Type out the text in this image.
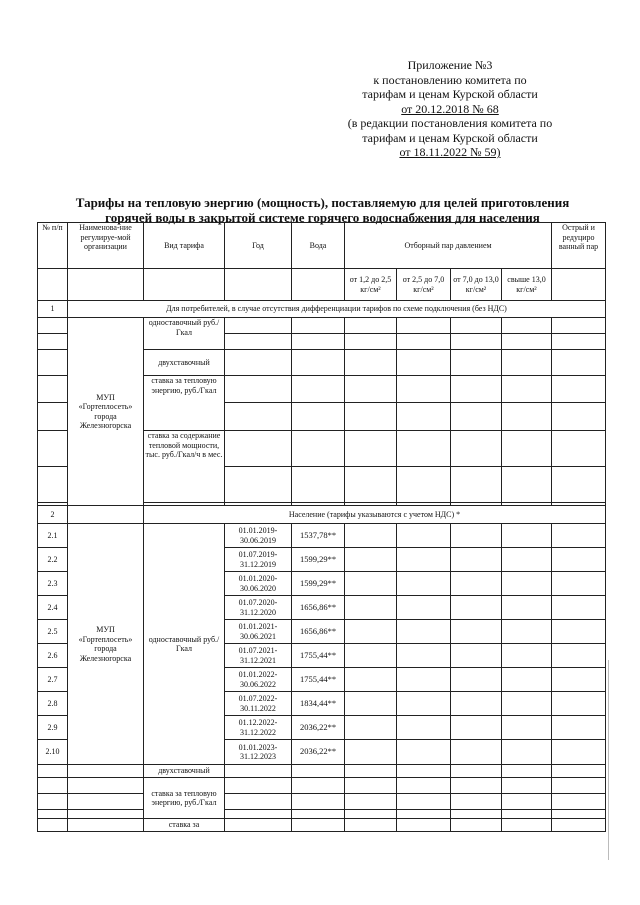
Приложение №3
к постановлению комитета по
тарифам и ценам Курской области
от 20.12.2018 № 68
(в редакции постановления комитета по
тарифам и ценам Курской области
от 18.11.2022 № 59)
Тарифы на тепловую энергию (мощность), поставляемую для целей приготовления
горячей воды в закрытой системе горячего водоснабжения для населения
№ п/п	Наименова-ние регулируе-мой организации	Вид тарифа	Год	Вода	Отборный пар давлением				Острый и редуциро ванный пар
					от 1,2 до 2,5 кг/см²	от 2,5 до 7,0 кг/см²	от 7,0 до 13,0 кг/см²	свыше 13,0 кг/см²	
1	Для потребителей, в случае отсутствия дифференциации тарифов по схеме подключения (без НДС)								
	МУП «Гортеплосеть» города Железногорска	одноставочный руб./Гкал							

		двухставочный							
		ставка за тепловую энергию, руб./Гкал							

		ставка за содержание тепловой мощности, тыс. руб./Гкал/ч в мес.							

2		Население (тарифы указываются с учетом НДС) *							
2.1	МУП «Гортеплосеть» города Железногорска	одноставочный руб./Гкал	01.01.2019-30.06.2019	1537,78**					
2.2			01.07.2019-31.12.2019	1599,29**					
2.3			01.01.2020-30.06.2020	1599,29**					
2.4			01.07.2020-31.12.2020	1656,86**					
2.5			01.01.2021-30.06.2021	1656,86**					
2.6			01.07.2021-31.12.2021	1755,44**					
2.7			01.01.2022-30.06.2022	1755,44**					
2.8			01.07.2022-30.11.2022	1834,44**					
2.9			01.12.2022-31.12.2022	2036,22**					
2.10			01.01.2023-31.12.2023	2036,22**					
		двухставочный							
		ставка за тепловую энергию, руб./Гкал							

		ставка за							
